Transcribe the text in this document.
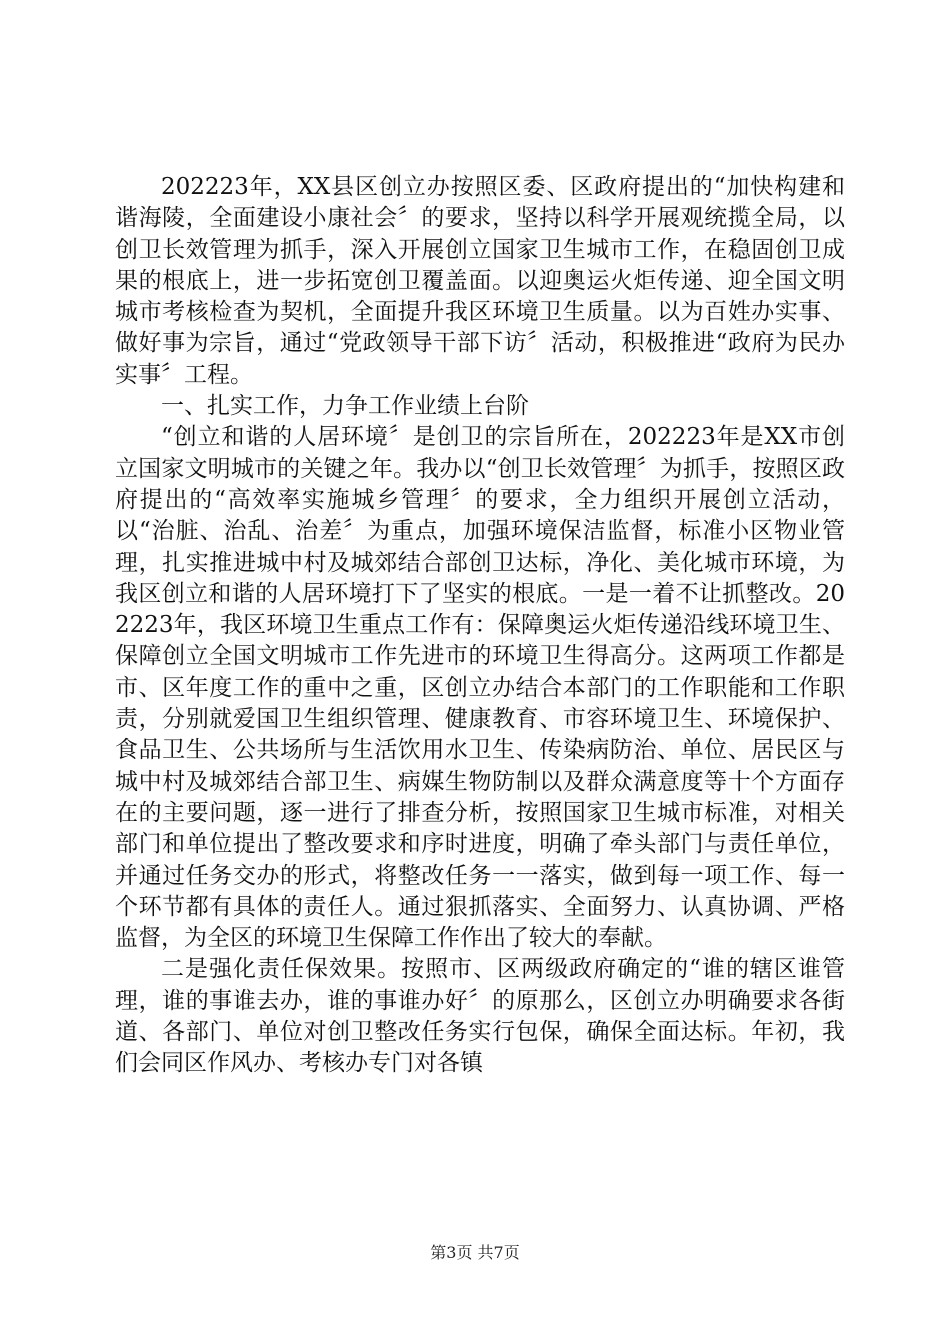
202223年，XX县区创立办按照区委、区政府提出的“加快构建和谐海陵，全面建设小康社会〞的要求，坚持以科学开展观统揽全局，以创卫长效管理为抓手，深入开展创立国家卫生城市工作，在稳固创卫成果的根底上，进一步拓宽创卫覆盖面。以迎奥运火炬传递、迎全国文明城市考核检查为契机，全面提升我区环境卫生质量。以为百姓办实事、做好事为宗旨，通过“党政领导干部下访〞活动，积极推进“政府为民办实事〞工程。

一、扎实工作，力争工作业绩上台阶

“创立和谐的人居环境〞是创卫的宗旨所在，202223年是XX市创立国家文明城市的关键之年。我办以“创卫长效管理〞为抓手，按照区政府提出的“高效率实施城乡管理〞的要求，全力组织开展创立活动，以“治脏、治乱、治差〞为重点，加强环境保洁监督，标准小区物业管理，扎实推进城中村及城郊结合部创卫达标，净化、美化城市环境，为我区创立和谐的人居环境打下了坚实的根底。一是一着不让抓整改。202223年，我区环境卫生重点工作有：保障奥运火炬传递沿线环境卫生、保障创立全国文明城市工作先进市的环境卫生得高分。这两项工作都是市、区年度工作的重中之重，区创立办结合本部门的工作职能和工作职责，分别就爱国卫生组织管理、健康教育、市容环境卫生、环境保护、食品卫生、公共场所与生活饮用水卫生、传染病防治、单位、居民区与城中村及城郊结合部卫生、病媒生物防制以及群众满意度等十个方面存在的主要问题，逐一进行了排查分析，按照国家卫生城市标准，对相关部门和单位提出了整改要求和序时进度，明确了牵头部门与责任单位，并通过任务交办的形式，将整改任务一一落实，做到每一项工作、每一个环节都有具体的责任人。通过狠抓落实、全面努力、认真协调、严格监督，为全区的环境卫生保障工作作出了较大的奉献。

二是强化责任保效果。按照市、区两级政府确定的“谁的辖区谁管理，谁的事谁去办，谁的事谁办好〞的原那么，区创立办明确要求各街道、各部门、单位对创卫整改任务实行包保，确保全面达标。年初，我们会同区作风办、考核办专门对各镇

第3页 共7页
